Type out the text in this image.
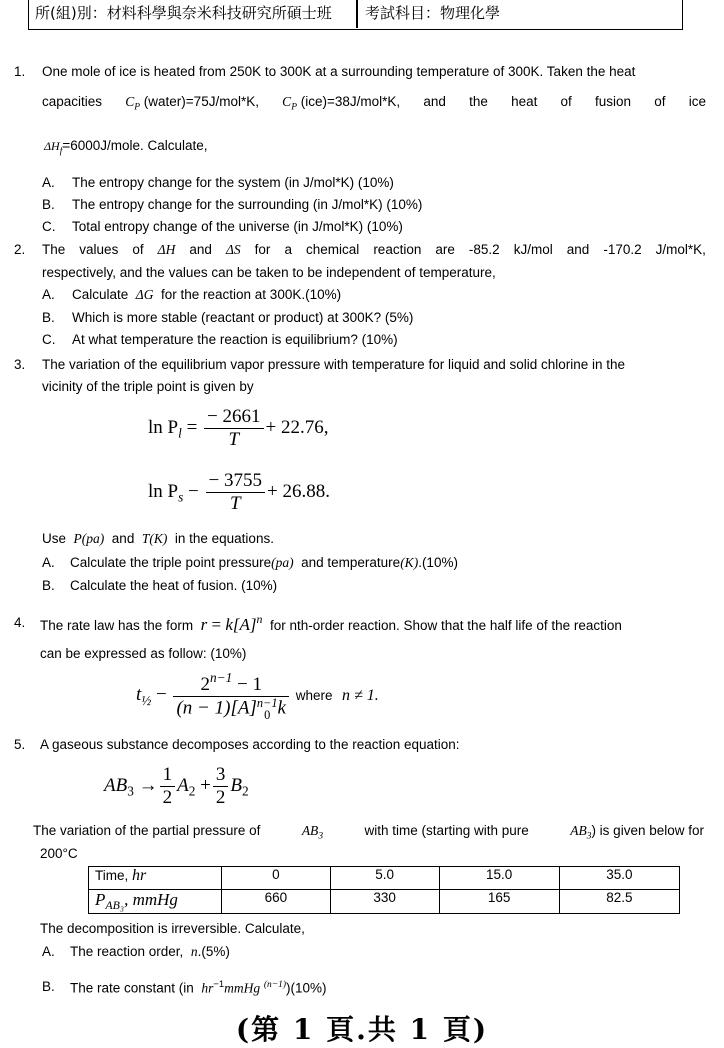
所(組)別：材料科學與奈米科技研究所碩士班 考試科目：物理化學
1. One mole of ice is heated from 250K to 300K at a surrounding temperature of 300K. Taken the heat
capacities $C_P$ (water)=75J/mol*K, $C_P$ (ice)=38J/mol*K, and the heat of fusion of ice
$\Delta H_f=6000J$/mole. Calculate,
A. The entropy change for the system (in J/mol*K) (10%)
B. The entropy change for the surrounding (in J/mol*K) (10%)
C. Total entropy change of the universe (in J/mol*K) (10%)
2. The values of ΔH and ΔS for a chemical reaction are -85.2 kJ/mol and -170.2 J/mol*K,
respectively, and the values can be taken to be independent of temperature,
A. Calculate ΔG for the reaction at 300K.(10%)
B. Which is more stable (reactant or product) at 300K? (5%)
C. At what temperature the reaction is equilibrium? (10%)
3. The variation of the equilibrium vapor pressure with temperature for liquid and solid chlorine in the
vicinity of the triple point is given by
$\ln P_l = \frac{- 2661}{T} + 22.76$,
$\ln P_s - \frac{- 3755}{T} + 26.88$.
Use P(pa) and T(K) in the equations.
A. Calculate the triple point pressure(pa) and temperature(K).(10%)
B. Calculate the heat of fusion. (10%)
4. The rate law has the form $r = k[A]^n$ for nth-order reaction. Show that the half life of the reaction
can be expressed as follow: (10%)
$t_{\frac{1}{2}} - 2^{n-1} - 1$
(n − 1)[A] n−1
0 k where n ≠ 1.
5. A gaseous substance decomposes according to the reaction equation:
$AB_3 \to \frac{1}{2} A_2 + \frac{3}{2} B_2$
The variation of the partial pressure of	$AB_3$	with time (starting with pure	$AB_3$) is given below for
200°C
Time, hr	0	5.0	15.0	35.0
$P_{AB_3}$, mmHg	660	330	165	82.5
The decomposition is irreversible. Calculate,
A. The reaction order, n.(5%)
B. The rate constant (in $hr^{-1}mmHg$ $^{(n-1)}$)(10%)
(第 1 頁.共 1 頁)
